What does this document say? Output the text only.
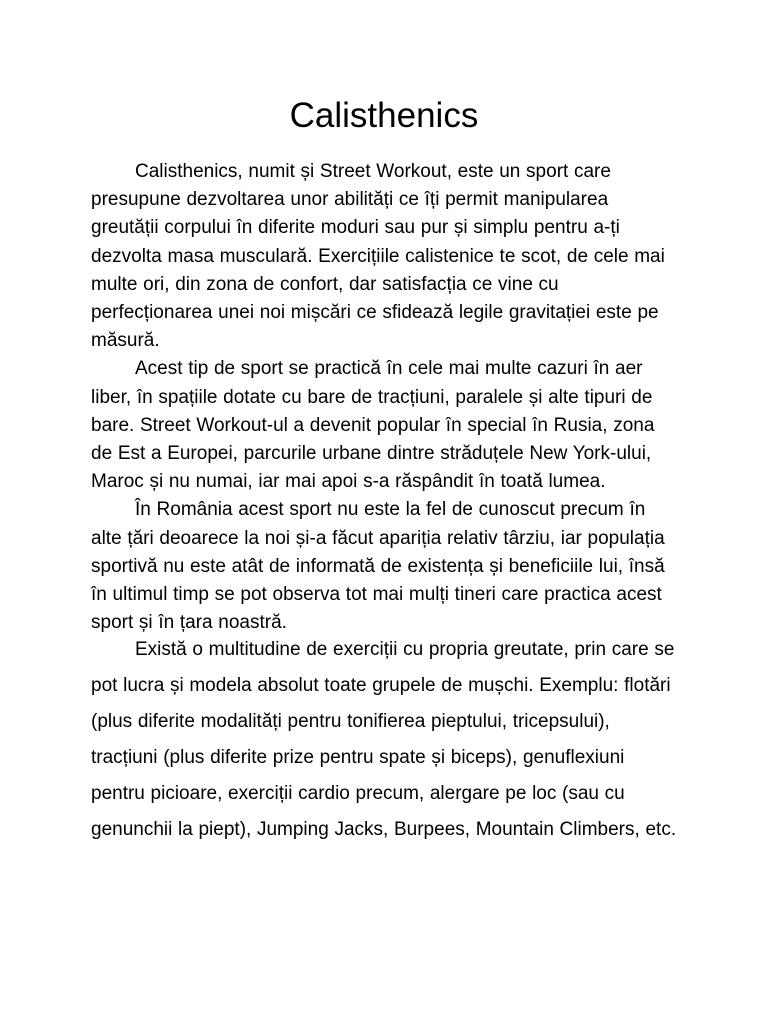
Calisthenics

Calisthenics, numit și Street Workout, este un sport care presupune dezvoltarea unor abilități ce îți permit manipularea greutății corpului în diferite moduri sau pur și simplu pentru a-ți dezvolta masa musculară. Exercițiile calistenice te scot, de cele mai multe ori, din zona de confort, dar satisfacția ce vine cu perfecționarea unei noi mișcări ce sfidează legile gravitației este pe măsură.

Acest tip de sport se practică în cele mai multe cazuri în aer liber, în spațiile dotate cu bare de tracțiuni, paralele și alte tipuri de bare. Street Workout-ul a devenit popular în special în Rusia, zona de Est a Europei, parcurile urbane dintre străduțele New York-ului, Maroc și nu numai, iar mai apoi s-a răspândit în toată lumea.

În România acest sport nu este la fel de cunoscut precum în alte țări deoarece la noi și-a făcut apariția relativ târziu, iar populația sportivă nu este atât de informată de existența și beneficiile lui, însă în ultimul timp se pot observa tot mai mulți tineri care practica acest sport și în țara noastră.

Există o multitudine de exerciții cu propria greutate, prin care se pot lucra și modela absolut toate grupele de mușchi. Exemplu: flotări (plus diferite modalități pentru tonifierea pieptului, tricepsului), tracțiuni (plus diferite prize pentru spate și biceps), genuflexiuni pentru picioare, exerciții cardio precum, alergare pe loc (sau cu genunchii la piept), Jumping Jacks, Burpees, Mountain Climbers, etc.
